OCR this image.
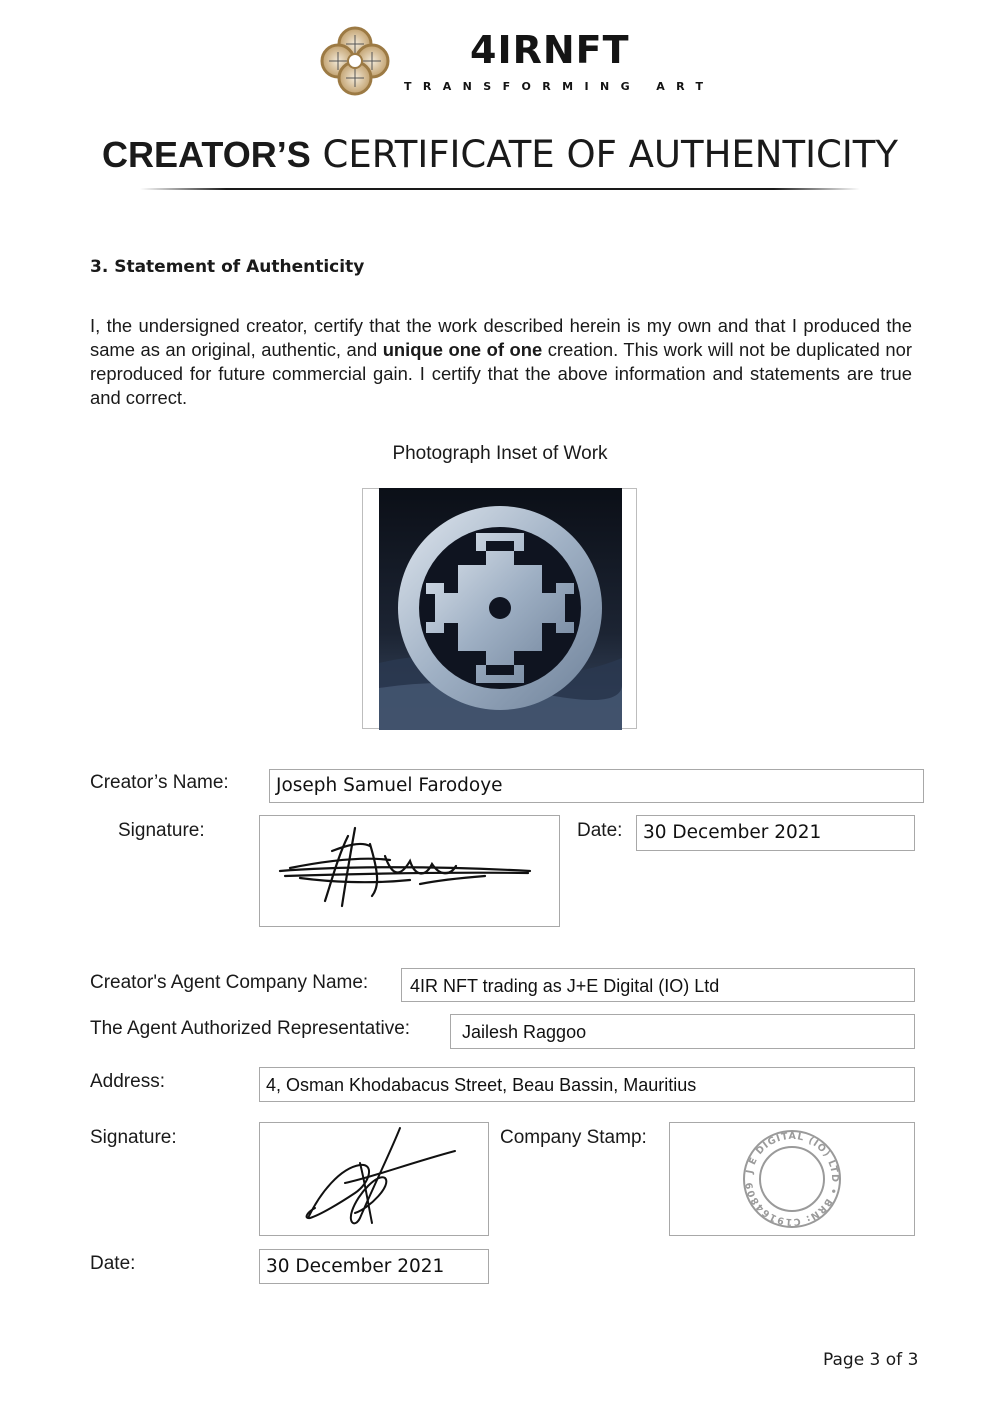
4IRNFT
TRANSFORMING ART
CREATOR’S CERTIFICATE OF AUTHENTICITY
3. Statement of Authenticity
I, the undersigned creator, certify that the work described herein is my own and that I produced the same as an original, authentic, and unique one of one creation. This work will not be duplicated nor reproduced for future commercial gain. I certify that the above information and statements are true and correct.
Photograph Inset of Work
Creator’s Name:	Joseph Samuel Farodoye
Signature:	Date:	30 December 2021
Creator's Agent Company Name:	4IR NFT trading as J+E Digital (IO) Ltd
The Agent Authorized Representative:	Jailesh Raggoo
Address:	4, Osman Khodabacus Street, Beau Bassin, Mauritius
Signature:	Company Stamp:
J E DIGITAL (IO) LTD • BRN: C19164809
Date:	30 December 2021
Page 3 of 3
